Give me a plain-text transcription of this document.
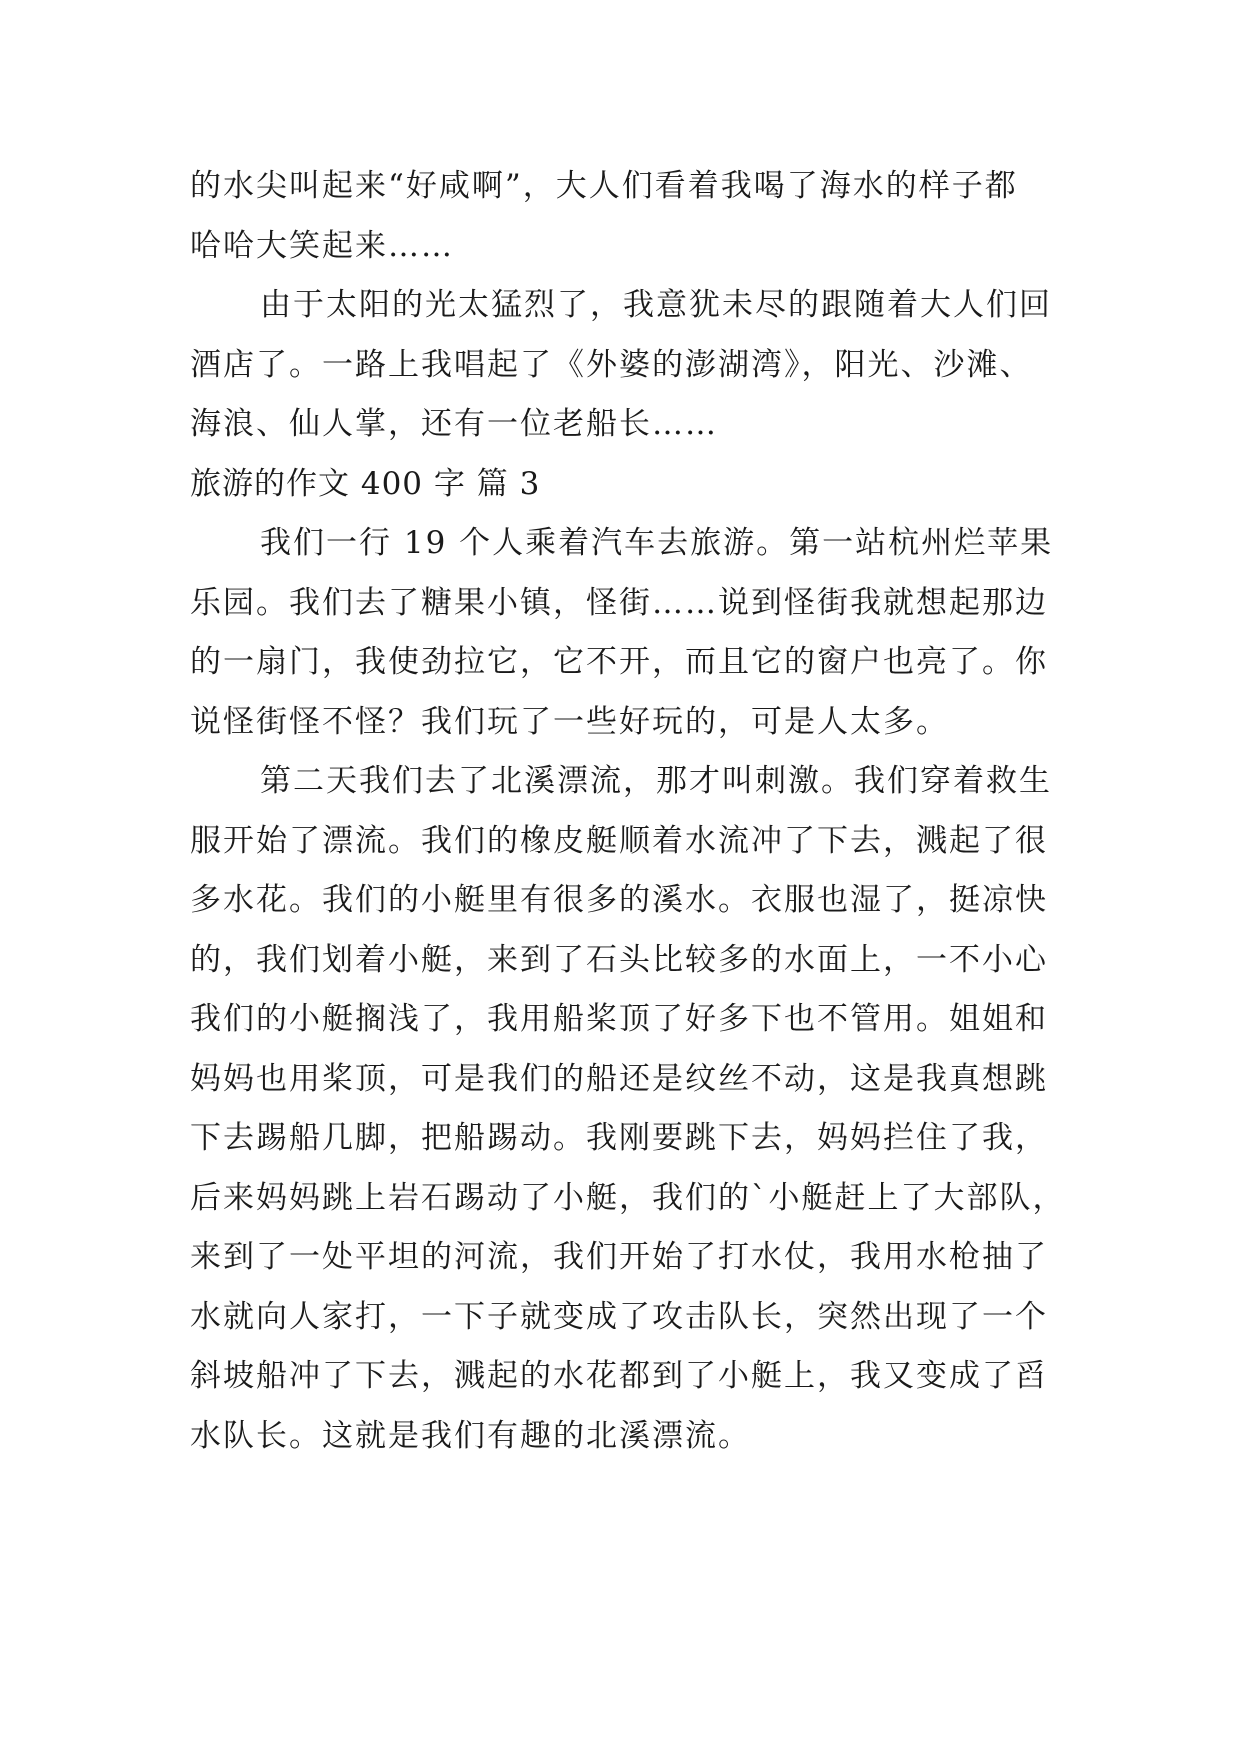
的水尖叫起来“好咸啊”，大人们看着我喝了海水的样子都
哈哈大笑起来……
由于太阳的光太猛烈了，我意犹未尽的跟随着大人们回
酒店了。一路上我唱起了《外婆的澎湖湾》，阳光、沙滩、
海浪、仙人掌，还有一位老船长……
旅游的作文 400 字 篇 3
我们一行 19 个人乘着汽车去旅游。第一站杭州烂苹果
乐园。我们去了糖果小镇，怪街……说到怪街我就想起那边
的一扇门，我使劲拉它，它不开，而且它的窗户也亮了。你
说怪街怪不怪？我们玩了一些好玩的，可是人太多。
第二天我们去了北溪漂流，那才叫刺激。我们穿着救生
服开始了漂流。我们的橡皮艇顺着水流冲了下去，溅起了很
多水花。我们的小艇里有很多的溪水。衣服也湿了，挺凉快
的，我们划着小艇，来到了石头比较多的水面上，一不小心
我们的小艇搁浅了，我用船桨顶了好多下也不管用。姐姐和
妈妈也用桨顶，可是我们的船还是纹丝不动，这是我真想跳
下去踢船几脚，把船踢动。我刚要跳下去，妈妈拦住了我，
后来妈妈跳上岩石踢动了小艇，我们的`小艇赶上了大部队，
来到了一处平坦的河流，我们开始了打水仗，我用水枪抽了
水就向人家打，一下子就变成了攻击队长，突然出现了一个
斜坡船冲了下去，溅起的水花都到了小艇上，我又变成了舀
水队长。这就是我们有趣的北溪漂流。
